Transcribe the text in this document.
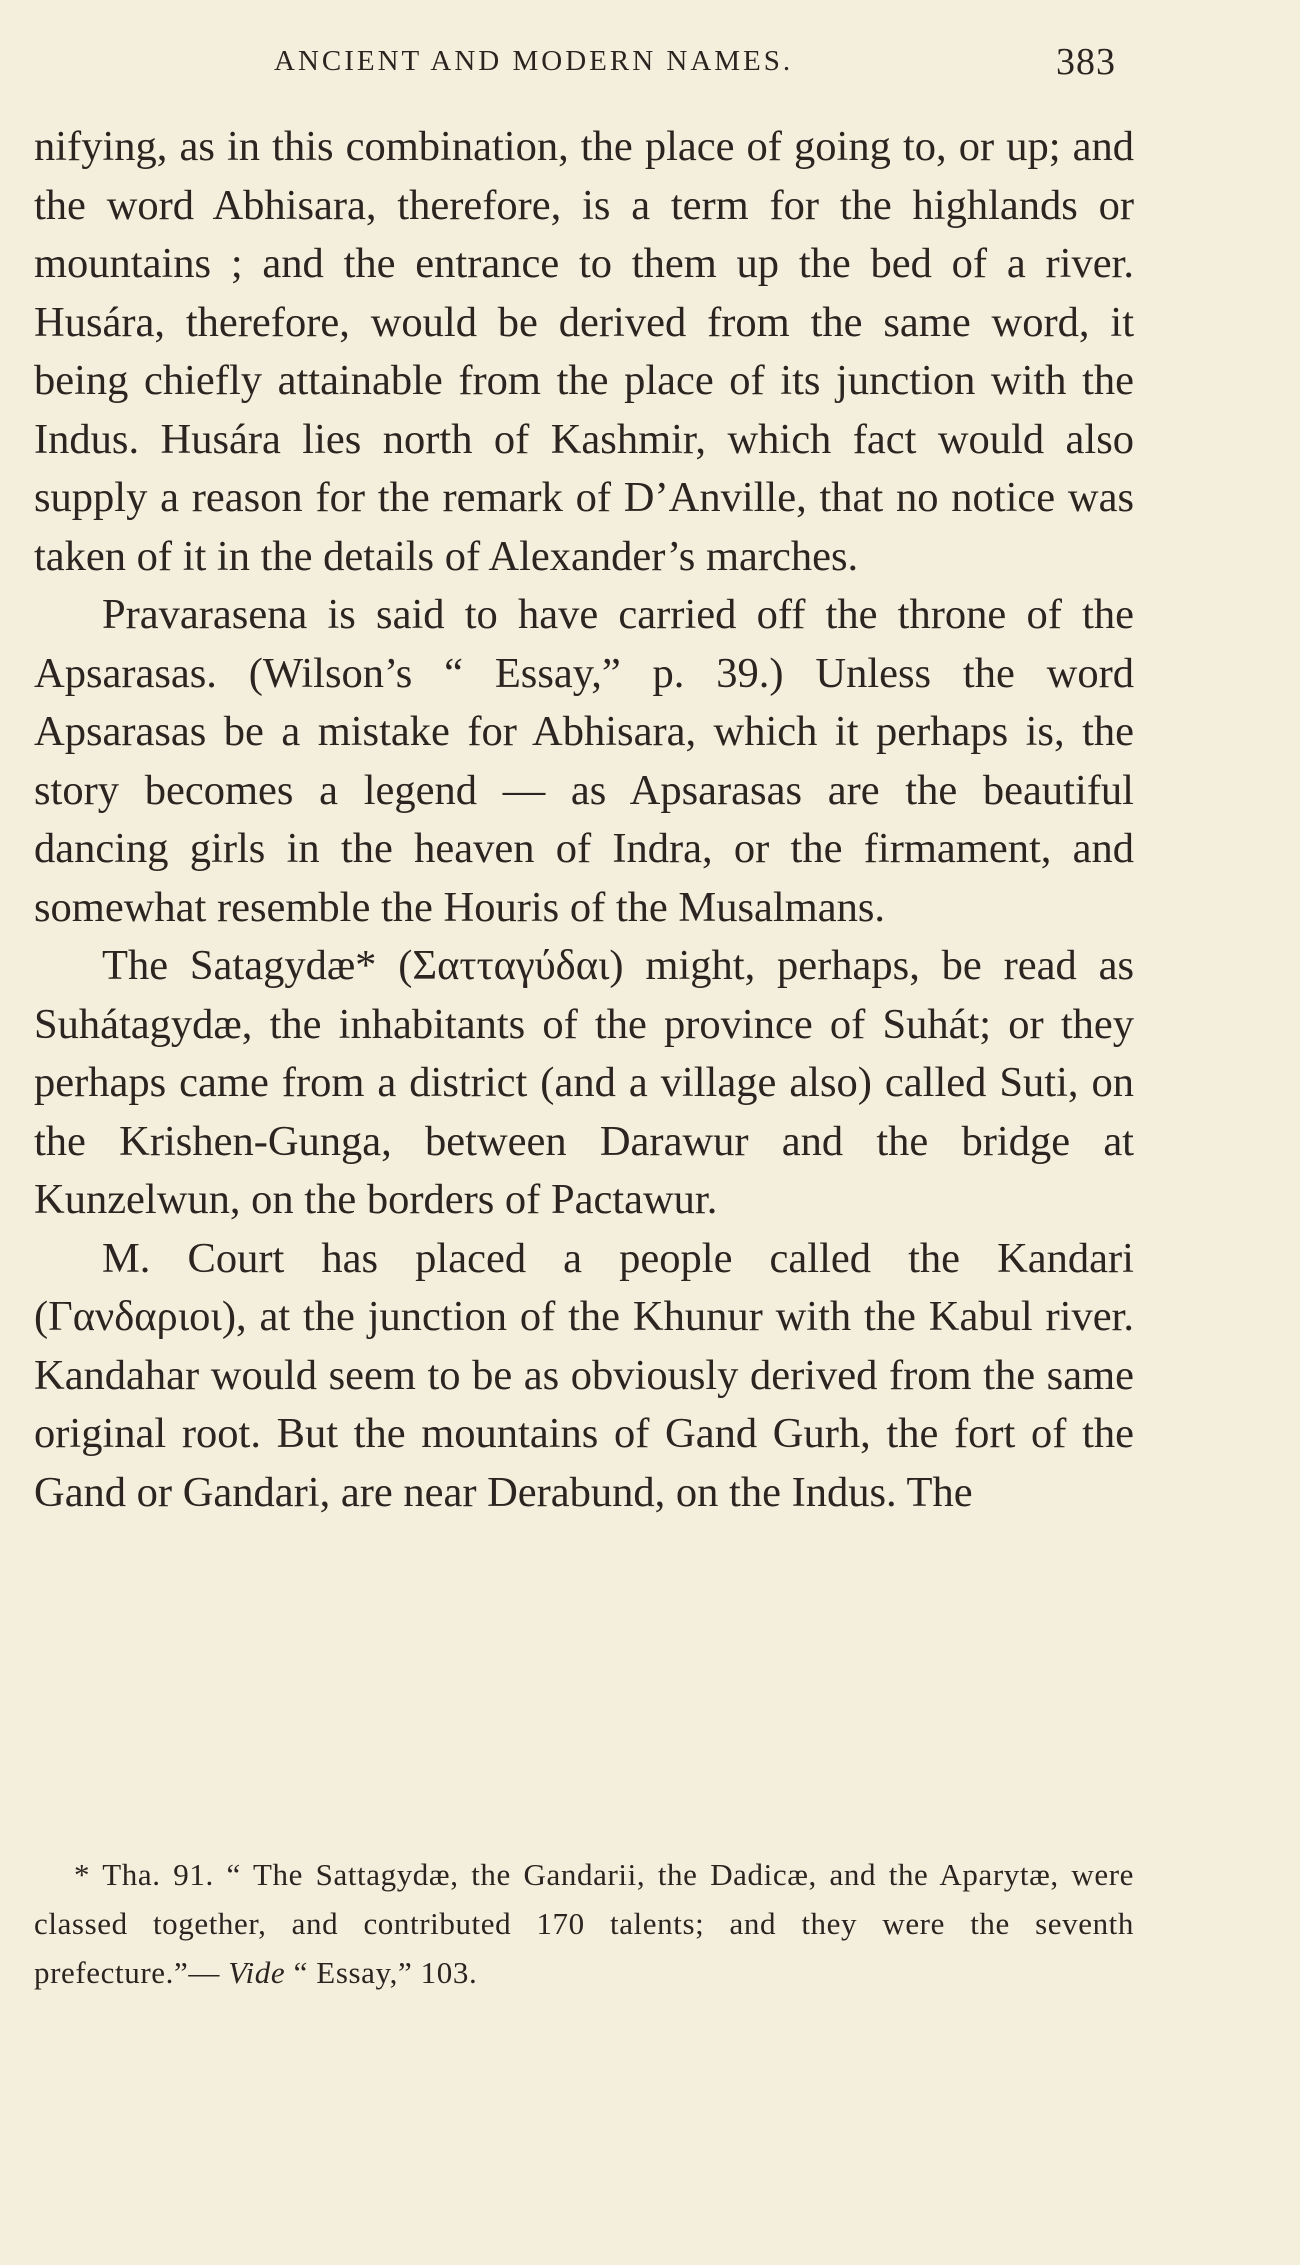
ANCIENT AND MODERN NAMES.	383

nifying, as in this combination, the place of going to, or up; and the word Abhisara, therefore, is a term for the highlands or mountains ; and the entrance to them up the bed of a river. Husára, therefore, would be derived from the same word, it being chiefly attainable from the place of its junction with the Indus. Husára lies north of Kashmir, which fact would also supply a reason for the remark of D’Anville, that no notice was taken of it in the details of Alexander’s marches.

Pravarasena is said to have carried off the throne of the Apsarasas. (Wilson’s “ Essay,” p. 39.) Unless the word Apsarasas be a mistake for Abhisara, which it perhaps is, the story becomes a legend — as Apsarasas are the beautiful dancing girls in the heaven of Indra, or the firmament, and somewhat resemble the Houris of the Musalmans.

The Satagydæ* (Σατταγύδαι) might, perhaps, be read as Suhátagydæ, the inhabitants of the province of Suhát; or they perhaps came from a district (and a village also) called Suti, on the Krishen-Gunga, between Darawur and the bridge at Kunzelwun, on the borders of Pactawur.

M. Court has placed a people called the Kandari (Γανδαριοι), at the junction of the Khunur with the Kabul river. Kandahar would seem to be as obviously derived from the same original root. But the mountains of Gand Gurh, the fort of the Gand or Gandari, are near Derabund, on the Indus. The

* Tha. 91. “ The Sattagydæ, the Gandarii, the Dadicæ, and the Aparytæ, were classed together, and contributed 170 talents; and they were the seventh prefecture.”— Vide “ Essay,” 103.
